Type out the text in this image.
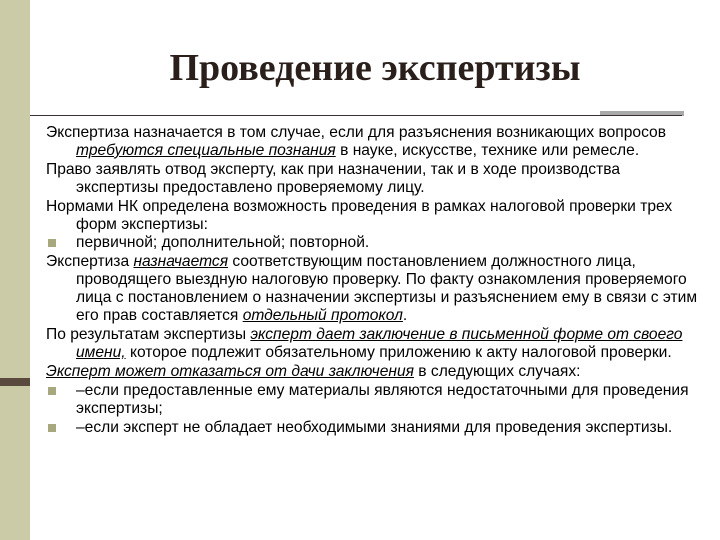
Проведение экспертизы

Экспертиза назначается в том случае, если для разъяснения возникающих вопросов требуются специальные познания в науке, искусстве, технике или ремесле.

Право заявлять отвод эксперту, как при назначении, так и в ходе производства экспертизы предоставлено проверяемому лицу.

Нормами НК определена возможность проведения в рамках налоговой проверки трех форм экспертизы:

первичной; дополнительной; повторной.

Экспертиза назначается соответствующим постановлением должностного лица, проводящего выездную налоговую проверку. По факту ознакомления проверяемого лица с постановлением о назначении экспертизы и разъяснением ему в связи с этим его прав составляется отдельный протокол.

По результатам экспертизы эксперт дает заключение в письменной форме от своего имени, которое подлежит обязательному приложению к акту налоговой проверки.

Эксперт может отказаться от дачи заключения в следующих случаях:

–если предоставленные ему материалы являются недостаточными для проведения экспертизы;
–если эксперт не обладает необходимыми знаниями для проведения экспертизы.
